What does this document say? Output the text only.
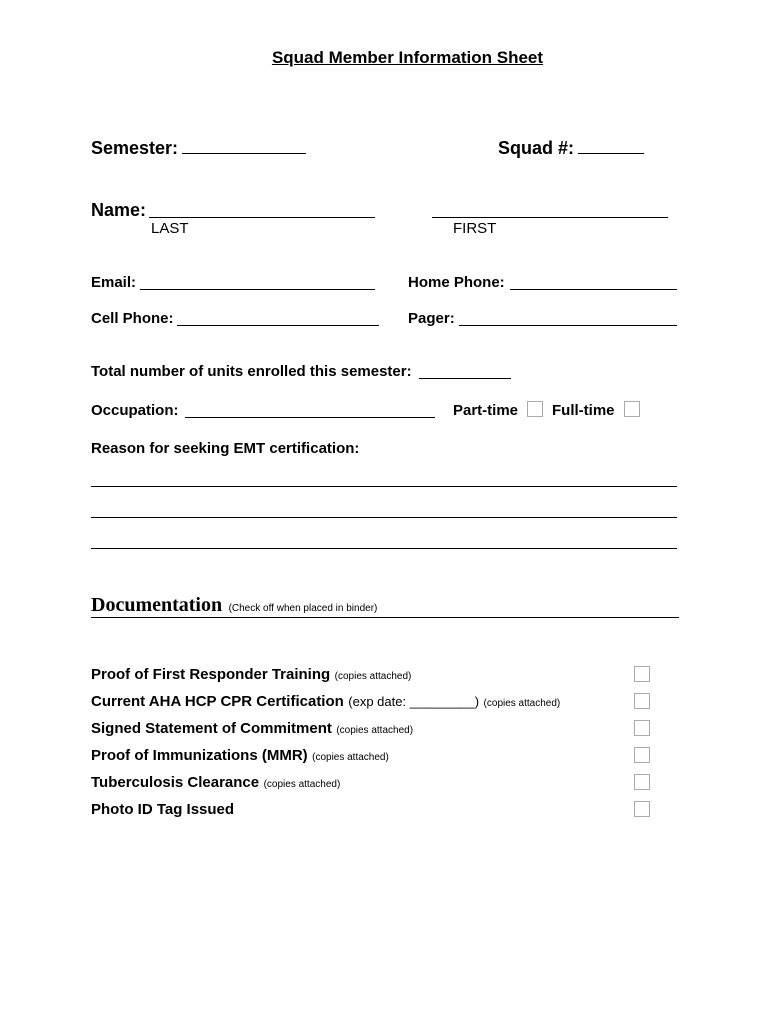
Squad Member Information Sheet
Semester:	Squad #:
Name:
LAST	FIRST
Email:	Home Phone:
Cell Phone:	Pager:
Total number of units enrolled this semester:
Occupation:	Part-time Full-time
Reason for seeking EMT certification:
Documentation (Check off when placed in binder)
Proof of First Responder Training (copies attached)
Current AHA HCP CPR Certification (exp date: _________) (copies attached)
Signed Statement of Commitment (copies attached)
Proof of Immunizations (MMR) (copies attached)
Tuberculosis Clearance (copies attached)
Photo ID Tag Issued
